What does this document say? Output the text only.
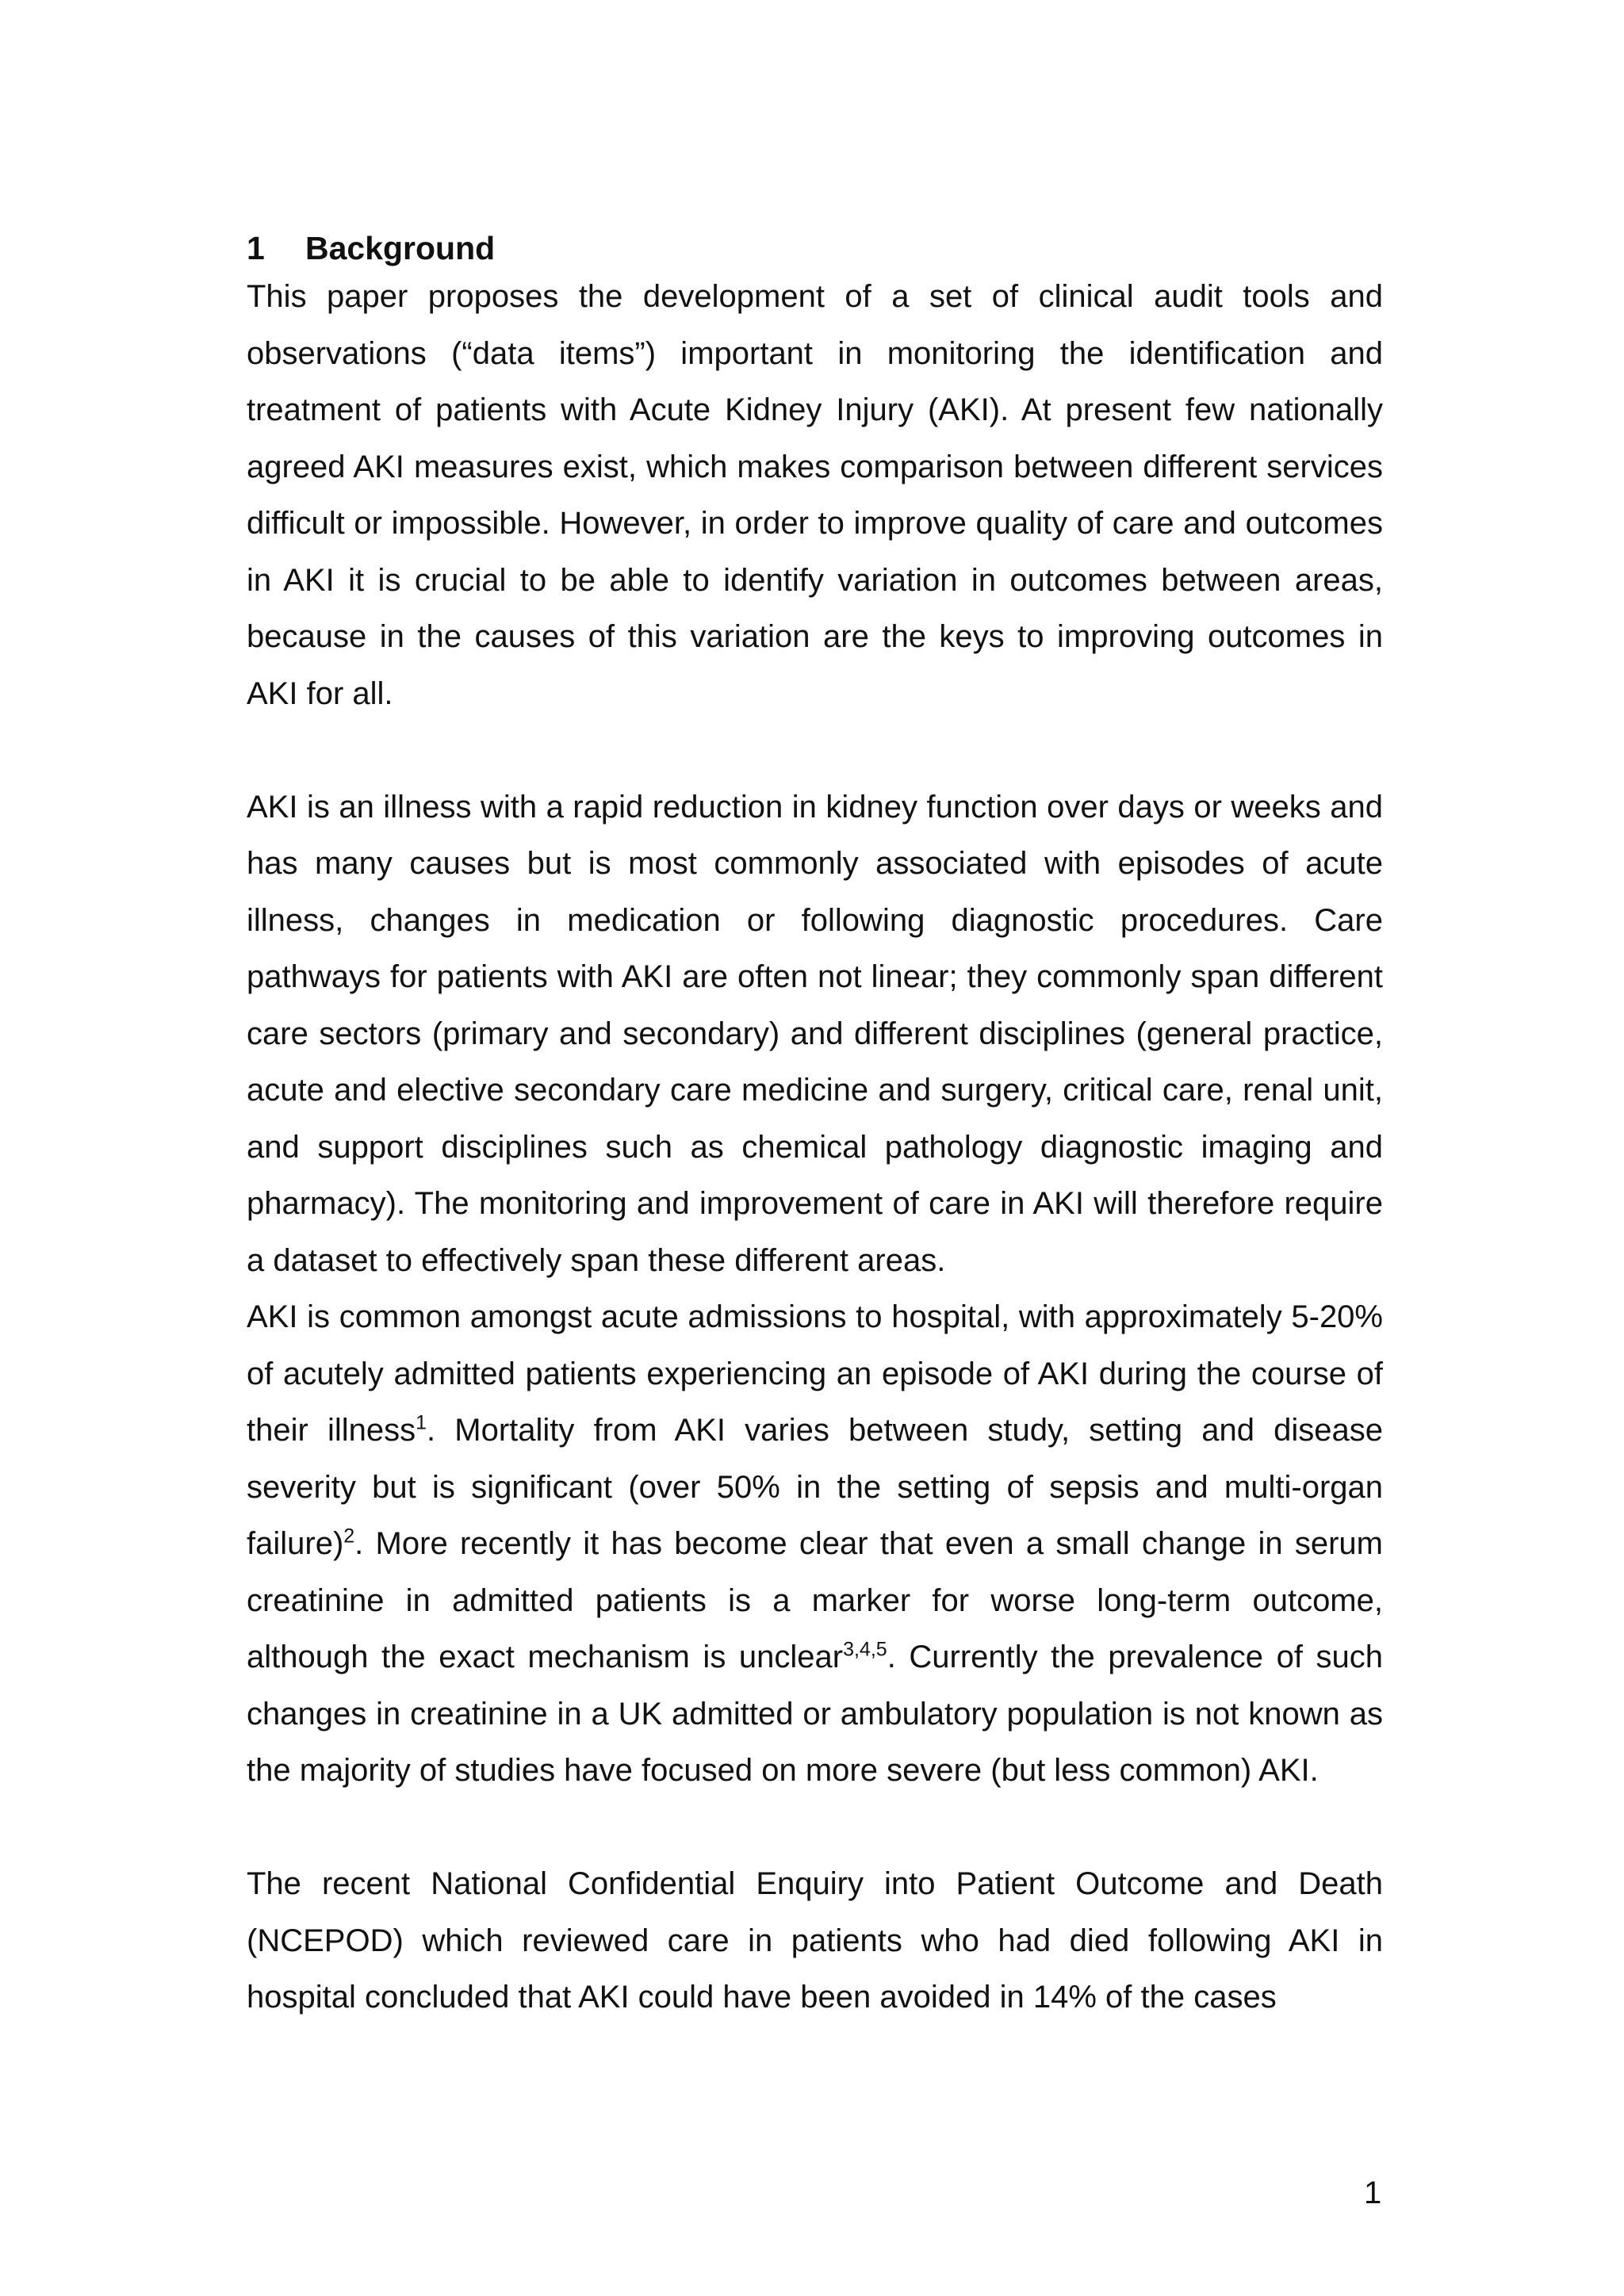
1 Background

This paper proposes the development of a set of clinical audit tools and observations (“data items”) important in monitoring the identification and treatment of patients with Acute Kidney Injury (AKI). At present few nationally agreed AKI measures exist, which makes comparison between different services difficult or impossible. However, in order to improve quality of care and outcomes in AKI it is crucial to be able to identify variation in outcomes between areas, because in the causes of this variation are the keys to improving outcomes in AKI for all.

AKI is an illness with a rapid reduction in kidney function over days or weeks and has many causes but is most commonly associated with episodes of acute illness, changes in medication or following diagnostic procedures. Care pathways for patients with AKI are often not linear; they commonly span different care sectors (primary and secondary) and different disciplines (general practice, acute and elective secondary care medicine and surgery, critical care, renal unit, and support disciplines such as chemical pathology diagnostic imaging and pharmacy). The monitoring and improvement of care in AKI will therefore require a dataset to effectively span these different areas.

AKI is common amongst acute admissions to hospital, with approximately 5-20% of acutely admitted patients experiencing an episode of AKI during the course of their illness$^1$. Mortality from AKI varies between study, setting and disease severity but is significant (over 50% in the setting of sepsis and multi-organ failure)$^2$. More recently it has become clear that even a small change in serum creatinine in admitted patients is a marker for worse long-term outcome, although the exact mechanism is unclear$^{3,4,5}$. Currently the prevalence of such changes in creatinine in a UK admitted or ambulatory population is not known as the majority of studies have focused on more severe (but less common) AKI.

The recent National Confidential Enquiry into Patient Outcome and Death (NCEPOD) which reviewed care in patients who had died following AKI in hospital concluded that AKI could have been avoided in 14% of the cases

1
